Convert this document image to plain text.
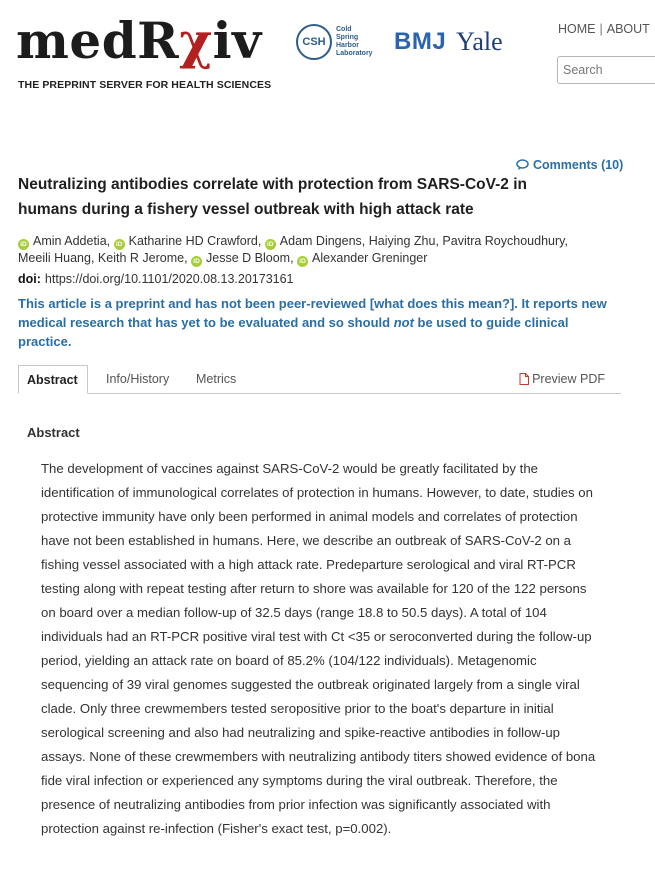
medRχiv
THE PREPRINT SERVER FOR HEALTH SCIENCES
CSH
Cold
Spring
Harbor
Laboratory BMJ Yale	HOME | ABOUT
Search
Comments (10)
Neutralizing antibodies correlate with protection from SARS-CoV-2 in humans during a fishery vessel outbreak with high attack rate
iD Amin Addetia, iD Katharine HD Crawford, iD Adam Dingens, Haiying Zhu, Pavitra Roychoudhury, Meeili Huang, Keith R Jerome, iD Jesse D Bloom, iD Alexander Greninger
doi: https://doi.org/10.1101/2020.08.13.20173161
This article is a preprint and has not been peer-reviewed [what does this mean?]. It reports new medical research that has yet to be evaluated and so should not be used to guide clinical practice.
Abstract	Info/History	Metrics	Preview PDF
Abstract

The development of vaccines against SARS-CoV-2 would be greatly facilitated by the identification of immunological correlates of protection in humans. However, to date, studies on protective immunity have only been performed in animal models and correlates of protection have not been established in humans. Here, we describe an outbreak of SARS-CoV-2 on a fishing vessel associated with a high attack rate. Predeparture serological and viral RT-PCR testing along with repeat testing after return to shore was available for 120 of the 122 persons on board over a median follow-up of 32.5 days (range 18.8 to 50.5 days). A total of 104 individuals had an RT-PCR positive viral test with Ct <35 or seroconverted during the follow-up period, yielding an attack rate on board of 85.2% (104/122 individuals). Metagenomic sequencing of 39 viral genomes suggested the outbreak originated largely from a single viral clade. Only three crewmembers tested seropositive prior to the boat's departure in initial serological screening and also had neutralizing and spike-reactive antibodies in follow-up assays. None of these crewmembers with neutralizing antibody titers showed evidence of bona fide viral infection or experienced any symptoms during the viral outbreak. Therefore, the presence of neutralizing antibodies from prior infection was significantly associated with protection against re-infection (Fisher's exact test, p=0.002).
